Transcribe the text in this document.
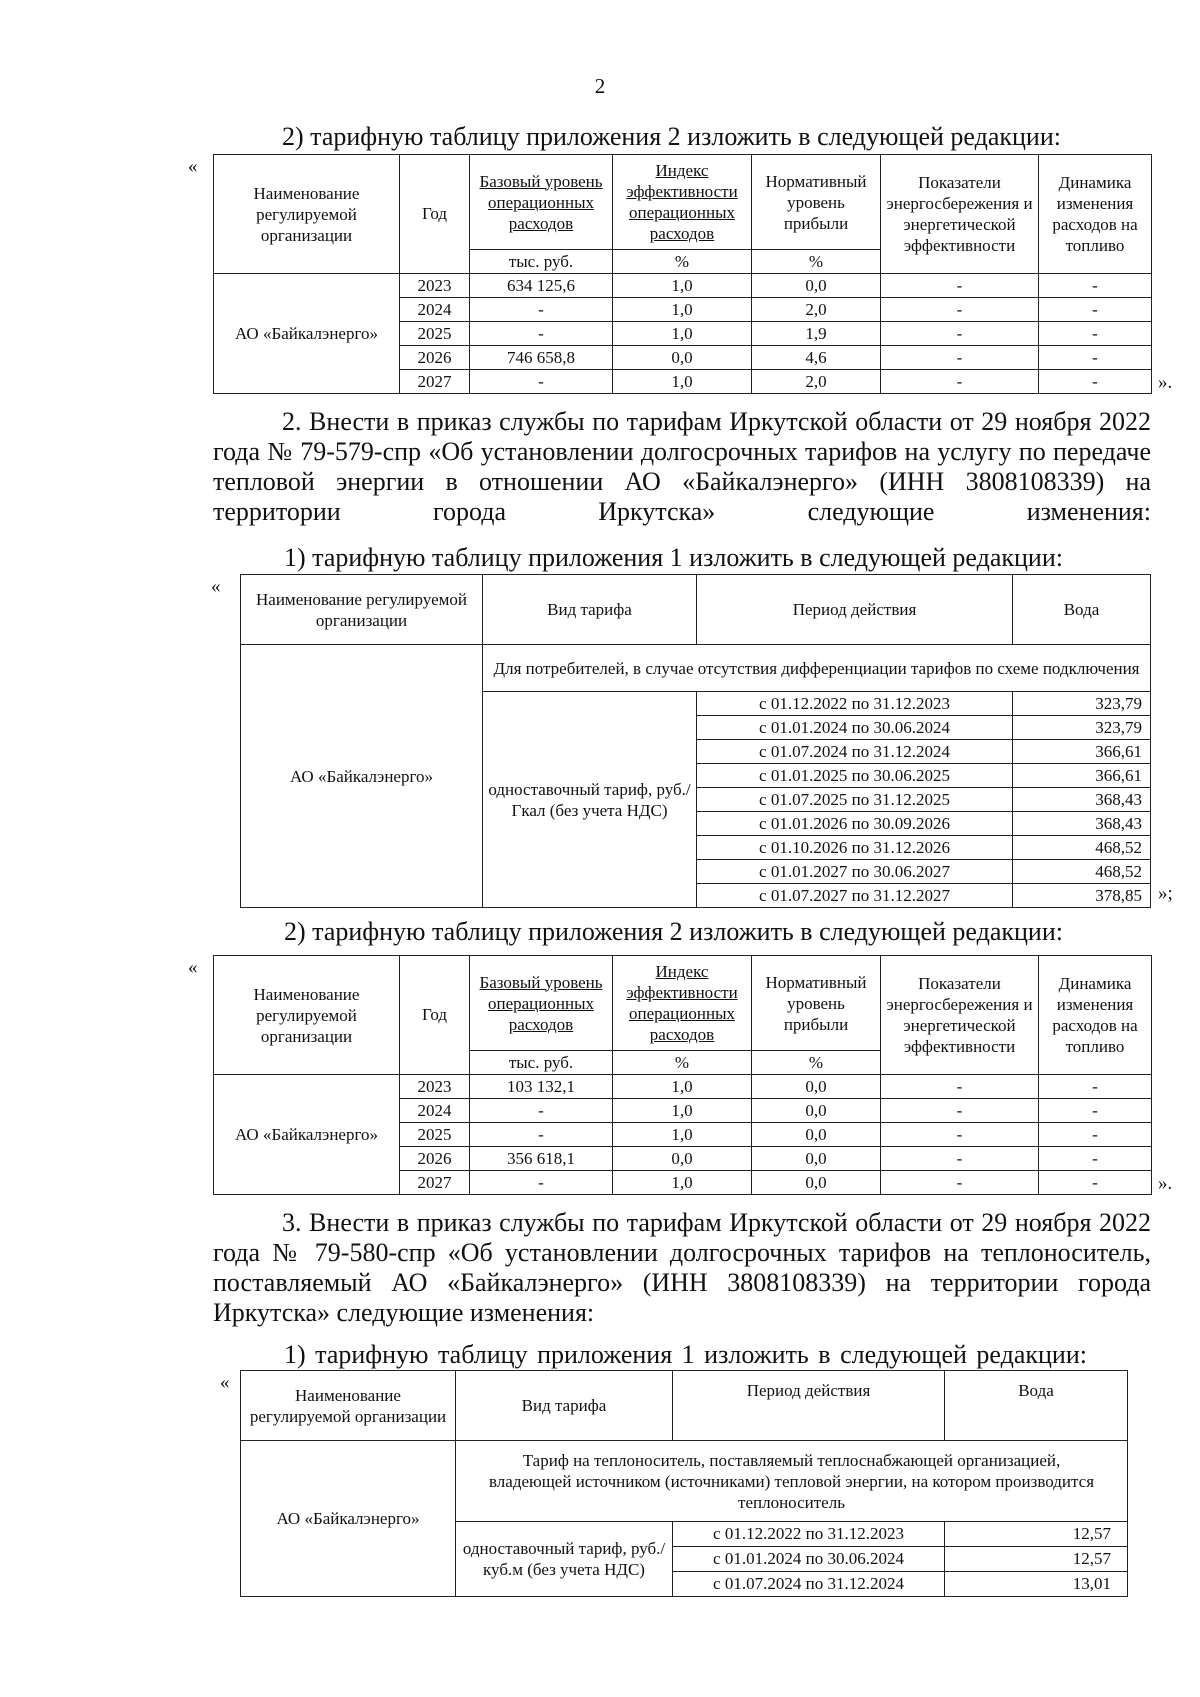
2
2) тарифную таблицу приложения 2 изложить в следующей редакции:
«
Наименование регулируемой организации	Год	Базовый уровень операционных расходов	Индекс эффективности операционных расходов	Нормативный уровень прибыли	Показатели энергосбережения и энергетической эффективности	Динамика изменения расходов на топливо
		тыс. руб.	%	%		
АО «Байкалэнерго»	2023	634 125,6	1,0	0,0	-	-
	2024	-	1,0	2,0	-	-
	2025	-	1,0	1,9	-	-
	2026	746 658,8	0,0	4,6	-	-
	2027	-	1,0	2,0	-	-	».
2. Внести в приказ службы по тарифам Иркутской области от 29 ноября 2022 года № 79-579-спр «Об установлении долгосрочных тарифов на услугу по передаче тепловой энергии в отношении АО «Байкалэнерго» (ИНН 3808108339) на территории города Иркутска» следующие изменения:
1) тарифную таблицу приложения 1 изложить в следующей редакции:
«
Наименование регулируемой организации	Вид тарифа	Период действия	Вода
АО «Байкалэнерго»	Для потребителей, в случае отсутствия дифференциации тарифов по схеме подключения		
	одноставочный тариф, руб./Гкал (без учета НДС)	с 01.12.2022 по 31.12.2023	323,79
		с 01.01.2024 по 30.06.2024	323,79
		с 01.07.2024 по 31.12.2024	366,61
		с 01.01.2025 по 30.06.2025	366,61
		с 01.07.2025 по 31.12.2025	368,43
		с 01.01.2026 по 30.09.2026	368,43
		с 01.10.2026 по 31.12.2026	468,52
		с 01.01.2027 по 30.06.2027	468,52
		с 01.07.2027 по 31.12.2027	378,85 »;
2) тарифную таблицу приложения 2 изложить в следующей редакции:
«
Наименование регулируемой организации	Год	Базовый уровень операционных расходов	Индекс эффективности операционных расходов	Нормативный уровень прибыли	Показатели энергосбережения и энергетической эффективности	Динамика изменения расходов на топливо
		тыс. руб.	%	%		
АО «Байкалэнерго»	2023	103 132,1	1,0	0,0	-	-
	2024	-	1,0	0,0	-	-
	2025	-	1,0	0,0	-	-
	2026	356 618,1	0,0	0,0	-	-
	2027	-	1,0	0,0	-	-	».
3. Внести в приказ службы по тарифам Иркутской области от 29 ноября 2022 года № 79-580-спр «Об установлении долгосрочных тарифов на теплоноситель, поставляемый АО «Байкалэнерго» (ИНН 3808108339) на территории города Иркутска» следующие изменения:
1) тарифную таблицу приложения 1 изложить в следующей редакции:
«
Наименование регулируемой организации	Вид тарифа	Период действия	Вода
АО «Байкалэнерго»	Тариф на теплоноситель, поставляемый теплоснабжающей организацией, владеющей источником (источниками) тепловой энергии, на котором производится теплоноситель		
	одноставочный тариф, руб./куб.м (без учета НДС)	с 01.12.2022 по 31.12.2023	12,57
		с 01.01.2024 по 30.06.2024	12,57
		с 01.07.2024 по 31.12.2024	13,01
